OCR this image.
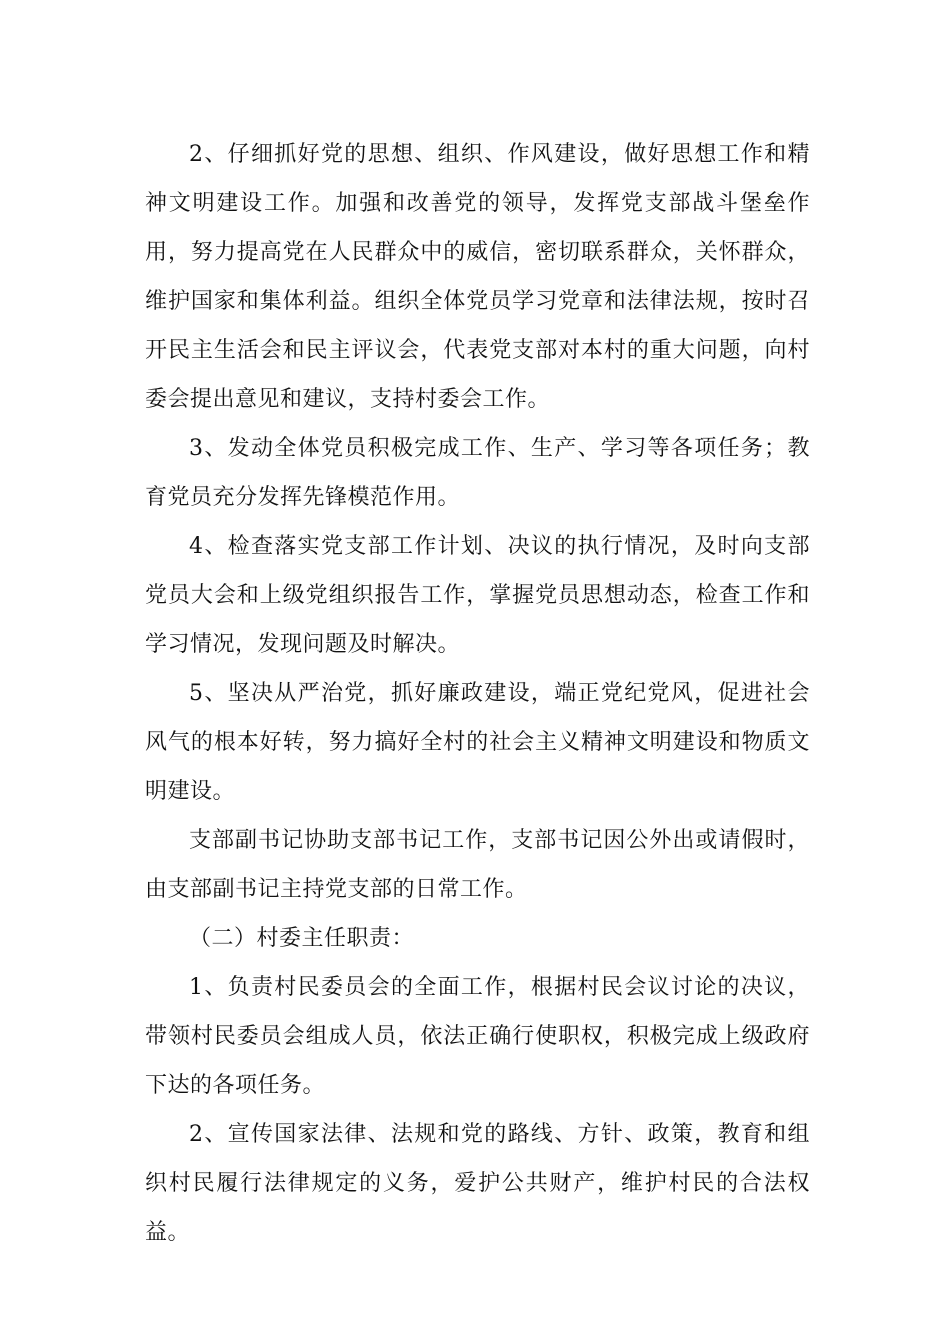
2、仔细抓好党的思想、组织、作风建设，做好思想工作和精神文明建设工作。加强和改善党的领导，发挥党支部战斗堡垒作用，努力提高党在人民群众中的威信，密切联系群众，关怀群众，维护国家和集体利益。组织全体党员学习党章和法律法规，按时召开民主生活会和民主评议会，代表党支部对本村的重大问题，向村委会提出意见和建议，支持村委会工作。

3、发动全体党员积极完成工作、生产、学习等各项任务；教育党员充分发挥先锋模范作用。

4、检查落实党支部工作计划、决议的执行情况，及时向支部党员大会和上级党组织报告工作，掌握党员思想动态，检查工作和学习情况，发现问题及时解决。

5、坚决从严治党，抓好廉政建设，端正党纪党风，促进社会风气的根本好转，努力搞好全村的社会主义精神文明建设和物质文明建设。

支部副书记协助支部书记工作，支部书记因公外出或请假时，由支部副书记主持党支部的日常工作。

（二）村委主任职责：

1、负责村民委员会的全面工作，根据村民会议讨论的决议，带领村民委员会组成人员，依法正确行使职权，积极完成上级政府下达的各项任务。

2、宣传国家法律、法规和党的路线、方针、政策，教育和组织村民履行法律规定的义务，爱护公共财产，维护村民的合法权益。
